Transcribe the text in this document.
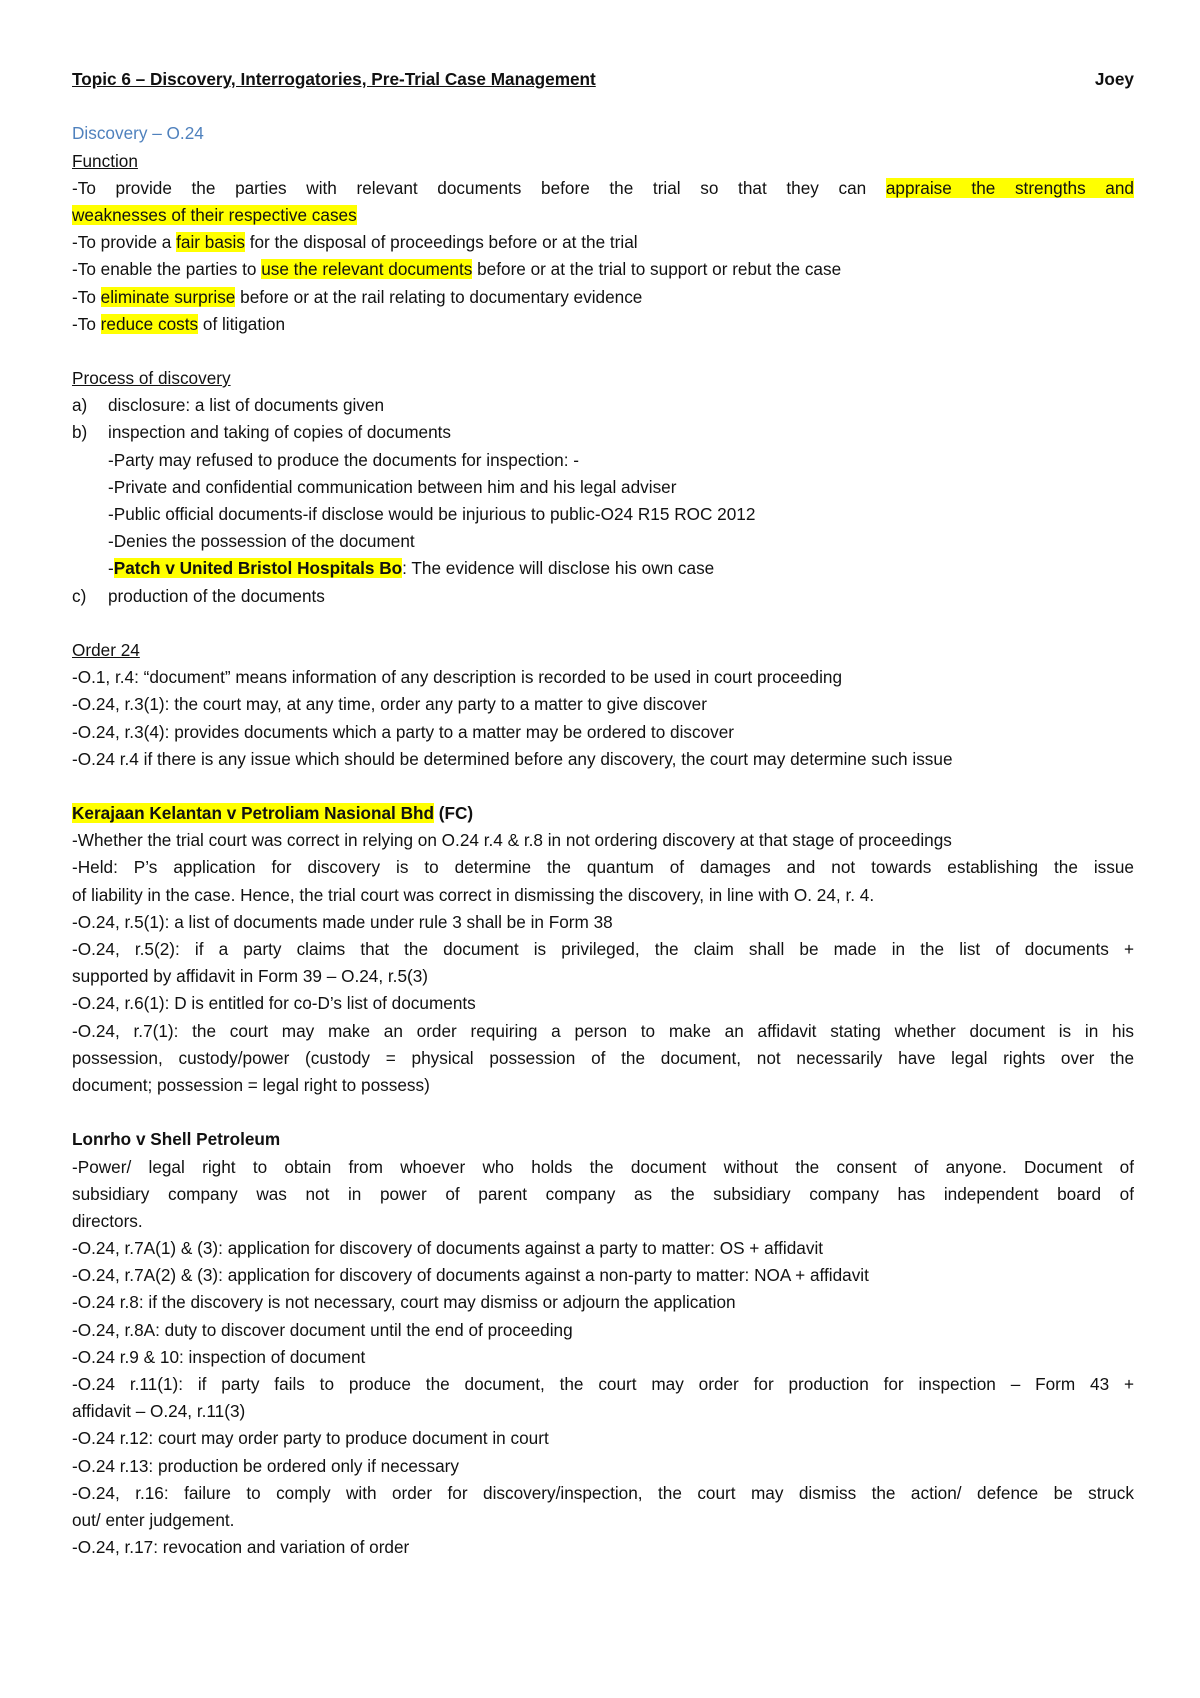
Topic 6 – Discovery, Interrogatories, Pre-Trial Case Management	Joey
Discovery – O.24
Function
-To provide the parties with relevant documents before the trial so that they can appraise the strengths and
weaknesses of their respective cases
-To provide a fair basis for the disposal of proceedings before or at the trial
-To enable the parties to use the relevant documents before or at the trial to support or rebut the case
-To eliminate surprise before or at the rail relating to documentary evidence
-To reduce costs of litigation
Process of discovery
a)	disclosure: a list of documents given
b)	inspection and taking of copies of documents
-Party may refused to produce the documents for inspection: -
-Private and confidential communication between him and his legal adviser
-Public official documents-if disclose would be injurious to public-O24 R15 ROC 2012
-Denies the possession of the document
-Patch v United Bristol Hospitals Bo: The evidence will disclose his own case
c)	production of the documents
Order 24
-O.1, r.4: “document” means information of any description is recorded to be used in court proceeding
-O.24, r.3(1): the court may, at any time, order any party to a matter to give discover
-O.24, r.3(4): provides documents which a party to a matter may be ordered to discover
-O.24 r.4 if there is any issue which should be determined before any discovery, the court may determine such issue
Kerajaan Kelantan v Petroliam Nasional Bhd (FC)
-Whether the trial court was correct in relying on O.24 r.4 & r.8 in not ordering discovery at that stage of proceedings
-Held: P’s application for discovery is to determine the quantum of damages and not towards establishing the issue
of liability in the case. Hence, the trial court was correct in dismissing the discovery, in line with O. 24, r. 4.
-O.24, r.5(1): a list of documents made under rule 3 shall be in Form 38
-O.24, r.5(2): if a party claims that the document is privileged, the claim shall be made in the list of documents +
supported by affidavit in Form 39 – O.24, r.5(3)
-O.24, r.6(1): D is entitled for co-D’s list of documents
-O.24, r.7(1): the court may make an order requiring a person to make an affidavit stating whether document is in his
possession, custody/power (custody = physical possession of the document, not necessarily have legal rights over the
document; possession = legal right to possess)
Lonrho v Shell Petroleum
-Power/ legal right to obtain from whoever who holds the document without the consent of anyone. Document of
subsidiary company was not in power of parent company as the subsidiary company has independent board of
directors.
-O.24, r.7A(1) & (3): application for discovery of documents against a party to matter: OS + affidavit
-O.24, r.7A(2) & (3): application for discovery of documents against a non-party to matter: NOA + affidavit
-O.24 r.8: if the discovery is not necessary, court may dismiss or adjourn the application
-O.24, r.8A: duty to discover document until the end of proceeding
-O.24 r.9 & 10: inspection of document
-O.24 r.11(1): if party fails to produce the document, the court may order for production for inspection – Form 43 +
affidavit – O.24, r.11(3)
-O.24 r.12: court may order party to produce document in court
-O.24 r.13: production be ordered only if necessary
-O.24, r.16: failure to comply with order for discovery/inspection, the court may dismiss the action/ defence be struck
out/ enter judgement.
-O.24, r.17: revocation and variation of order
